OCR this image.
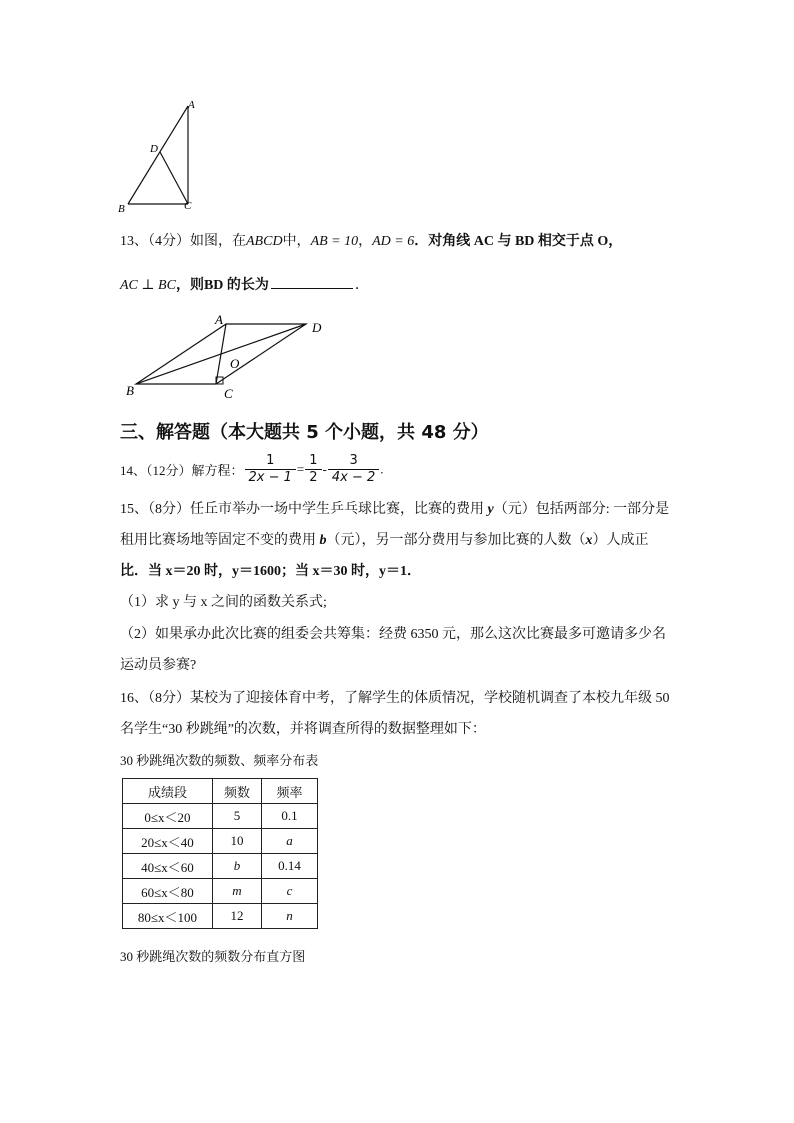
A
D
B	C
13、（4分）如图，在ABCD中，AB = 10，AD = 6．对角线 AC 与 BD 相交于点 O，
AC ⊥ BC，则BD 的长为	．
A
D
O
B	C
三、解答题（本大题共 5 个小题，共 48 分）
14、（12分）解方程： $\frac{1}{2x - 1} = \frac{1}{2} - \frac{3}{4x - 2}$ .
15、（8分）任丘市举办一场中学生乒乓球比赛，比赛的费用 y（元）包括两部分: 一部分是
租用比赛场地等固定不变的费用 b（元），另一部分费用与参加比赛的人数（x）人成正
比．当 x＝20 时，y＝1600；当 x＝30 时，y＝1．
（1）求 y 与 x 之间的函数关系式;
（2）如果承办此次比赛的组委会共筹集：经费 6350 元，那么这次比赛最多可邀请多少名
运动员参赛?
16、（8分）某校为了迎接体育中考，了解学生的体质情况，学校随机调查了本校九年级 50
名学生“30 秒跳绳”的次数，并将调查所得的数据整理如下：
30 秒跳绳次数的频数、频率分布表
成绩段	频数	频率
0≤x＜20	5	0.1
20≤x＜40	10	a
40≤x＜60	b	0.14
60≤x＜80	m	c
80≤x＜100	12	n
30 秒跳绳次数的频数分布直方图
